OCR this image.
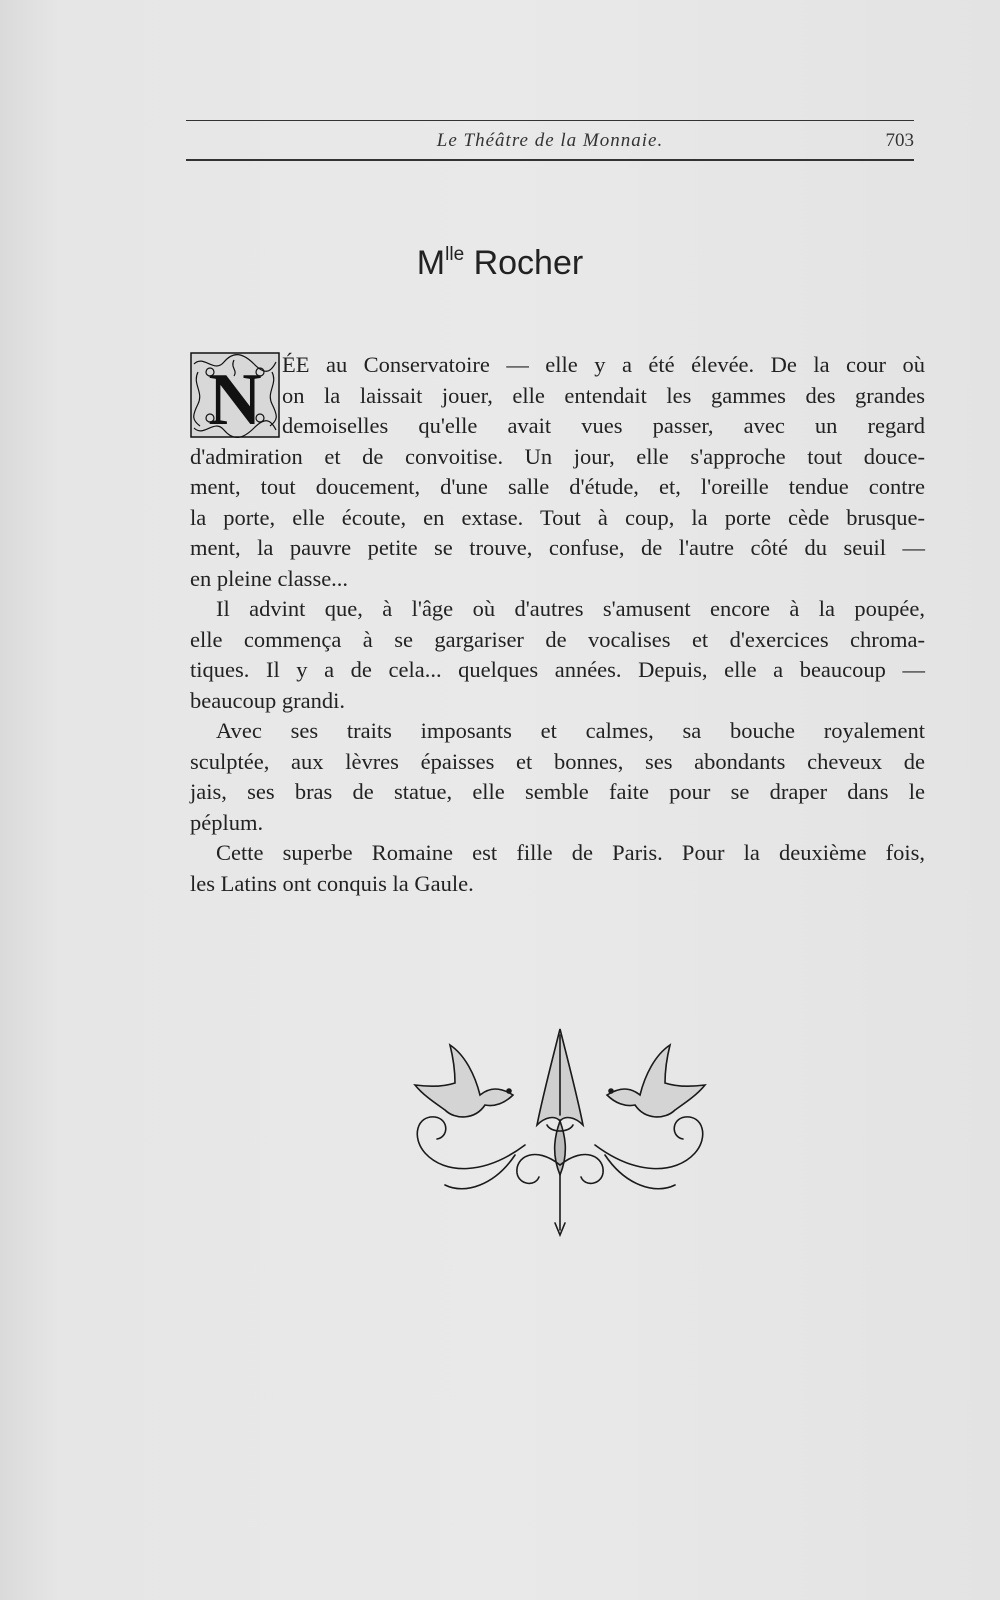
Le Théâtre de la Monnaie.	703
$M^{lle}$ Rocher
N ÉE au Conservatoire — elle y a été élevée. De la cour où
on la laissait jouer, elle entendait les gammes des grandes
demoiselles qu'elle avait vues passer, avec un regard
d'admiration et de convoitise. Un jour, elle s'approche tout douce-
ment, tout doucement, d'une salle d'étude, et, l'oreille tendue contre
la porte, elle écoute, en extase. Tout à coup, la porte cède brusque-
ment, la pauvre petite se trouve, confuse, de l'autre côté du seuil —
en pleine classe...
Il advint que, à l'âge où d'autres s'amusent encore à la poupée,
elle commença à se gargariser de vocalises et d'exercices chroma-
tiques. Il y a de cela... quelques années. Depuis, elle a beaucoup —
beaucoup grandi.
Avec ses traits imposants et calmes, sa bouche royalement
sculptée, aux lèvres épaisses et bonnes, ses abondants cheveux de
jais, ses bras de statue, elle semble faite pour se draper dans le
péplum.
Cette superbe Romaine est fille de Paris. Pour la deuxième fois,
les Latins ont conquis la Gaule.
